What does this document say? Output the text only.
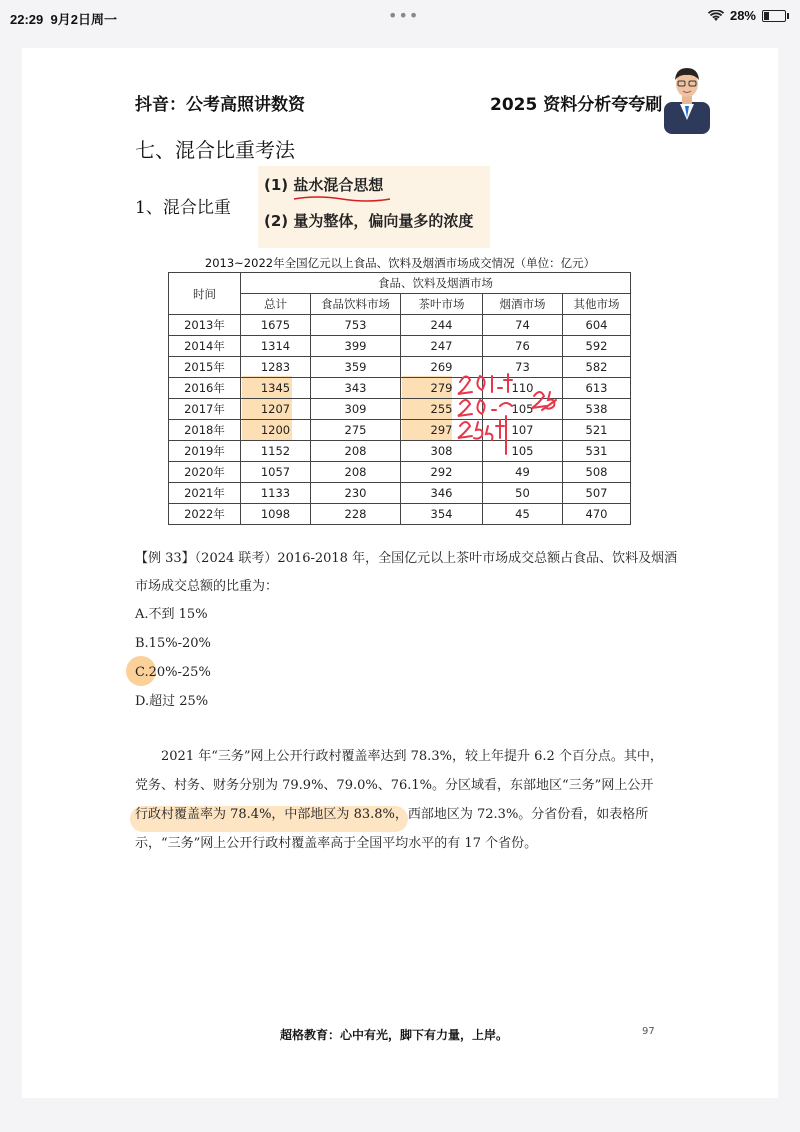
22:29 9月2日周一	•••	28%
抖音：公考高照讲数资	2025 资料分析夸夸刷
七、混合比重考法
1、混合比重
(1) 盐水混合思想
(2) 量为整体，偏向量多的浓度
2013~2022年全国亿元以上食品、饮料及烟酒市场成交情况（单位：亿元）
时间	食品、饮料及烟酒市场				
	总计	食品饮料市场	茶叶市场	烟酒市场	其他市场
2013年	1675	753	244	74	604
2014年	1314	399	247	76	592
2015年	1283	359	269	73	582
2016年	1345	343	279	110	613
2017年	1207	309	255	105	538
2018年	1200	275	297	107	521
2019年	1152	208	308	105	531
2020年	1057	208	292	49	508
2021年	1133	230	346	50	507
2022年	1098	228	354	45	470
【例 33】（2024 联考）2016-2018 年，全国亿元以上茶叶市场成交总额占食品、饮料及烟酒
市场成交总额的比重为：
A.不到 15%
B.15%-20%
C.20%-25%
D.超过 25%
2021 年“三务”网上公开行政村覆盖率达到 78.3%，较上年提升 6.2 个百分点。其中，
党务、村务、财务分别为 79.9%、79.0%、76.1%。分区域看，东部地区“三务”网上公开
行政村覆盖率为 78.4%，中部地区为 83.8%，西部地区为 72.3%。分省份看，如表格所
示，“三务”网上公开行政村覆盖率高于全国平均水平的有 17 个省份。
超格教育：心中有光，脚下有力量，上岸。	97
